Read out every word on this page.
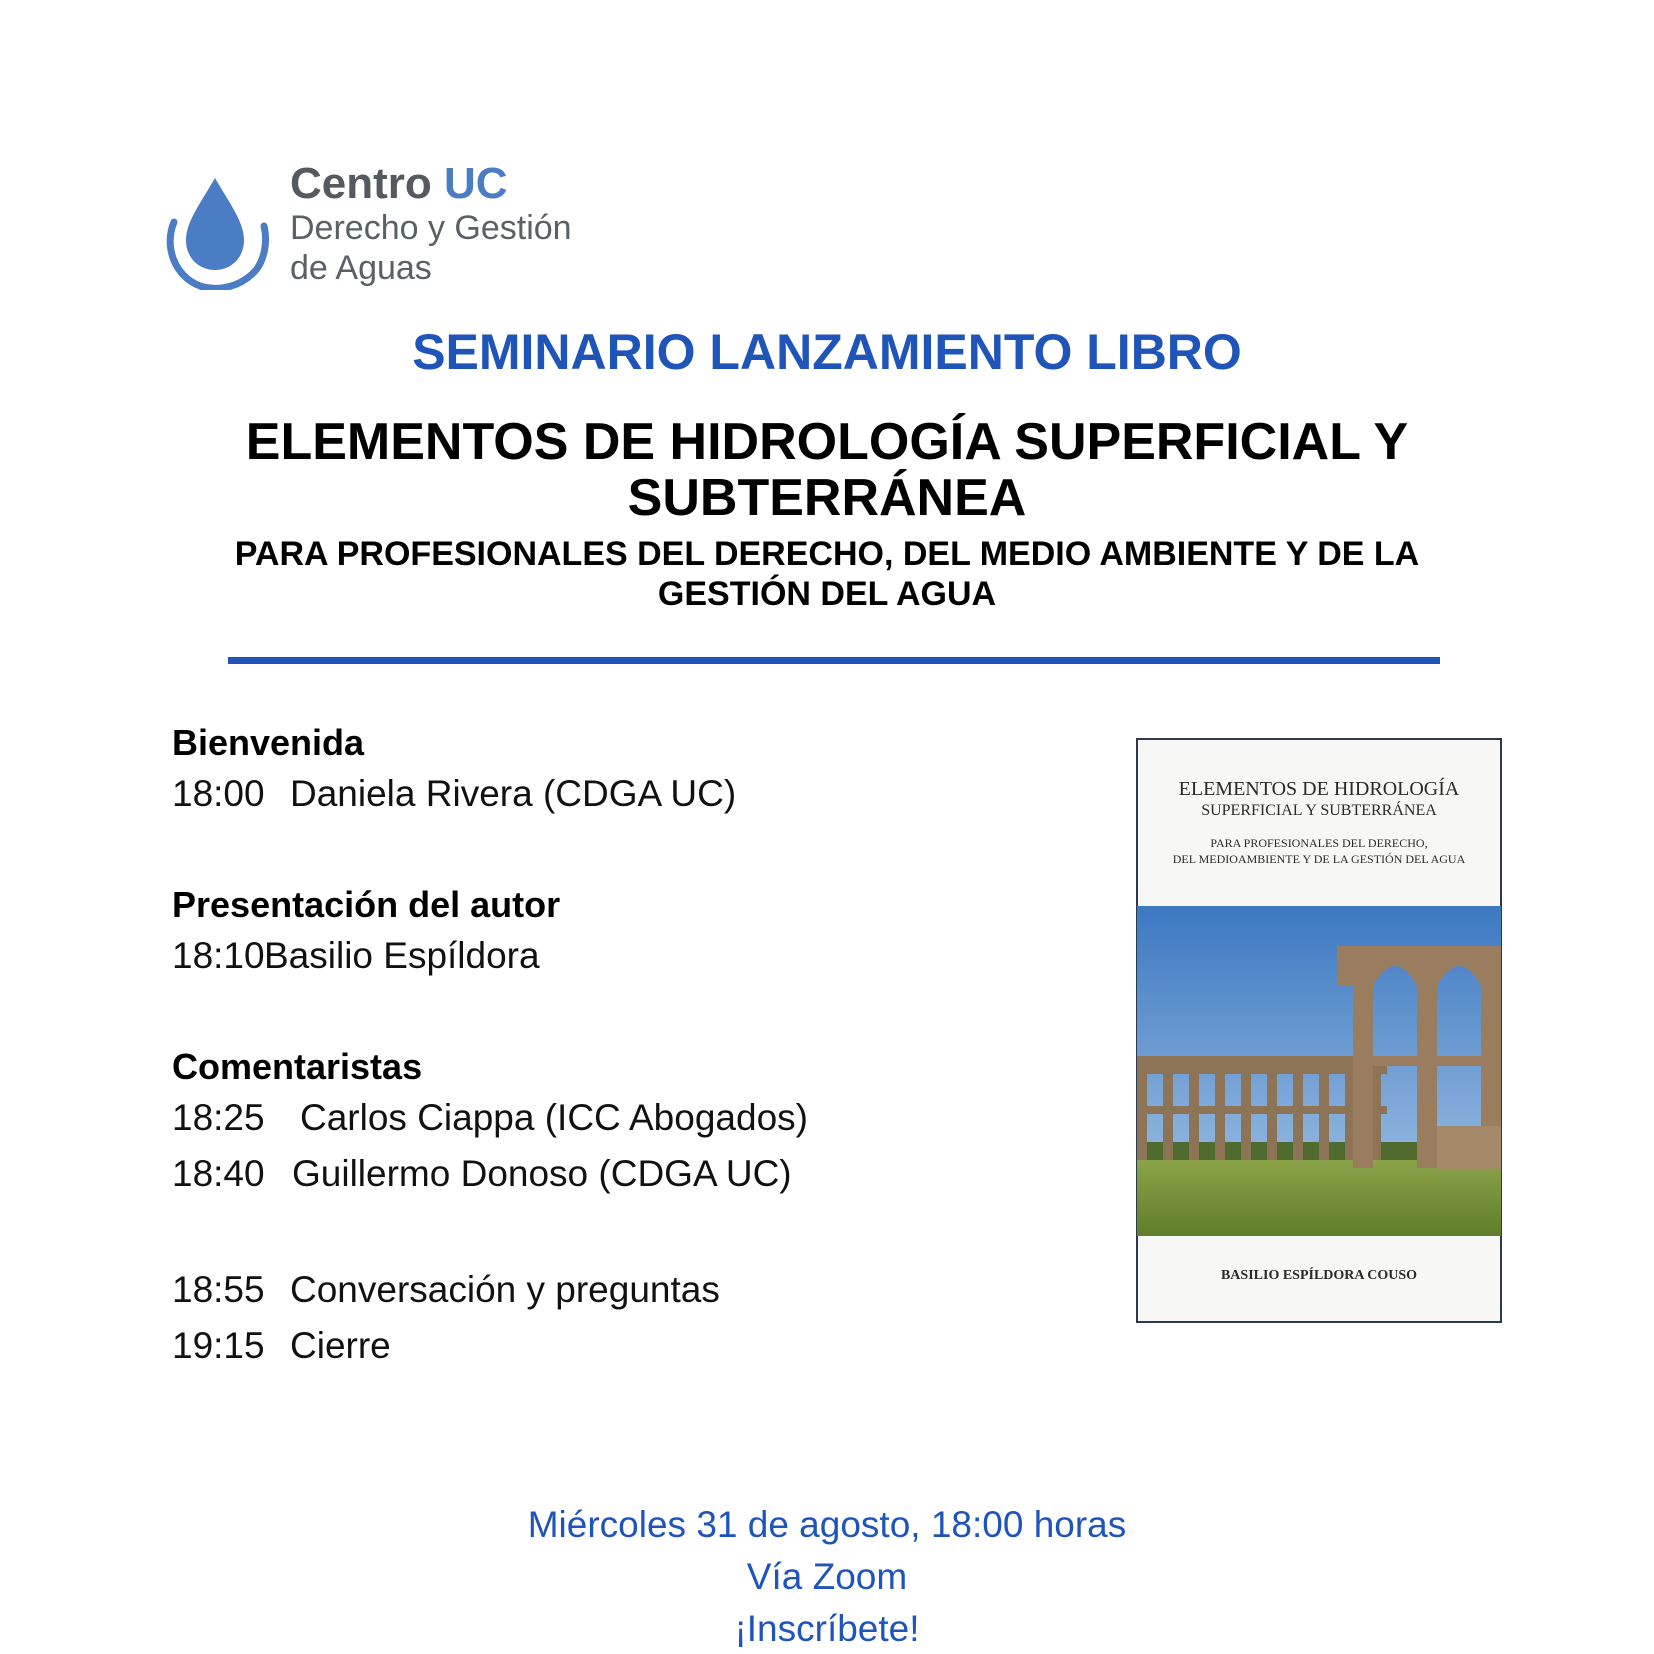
Centro UC
Derecho y Gestión
de Aguas
SEMINARIO LANZAMIENTO LIBRO
ELEMENTOS DE HIDROLOGÍA SUPERFICIAL Y
SUBTERRÁNEA
PARA PROFESIONALES DEL DERECHO, DEL MEDIO AMBIENTE Y DE LA
GESTIÓN DEL AGUA
Bienvenida
18:00 Daniela Rivera (CDGA UC)
Presentación del autor
18:10Basilio Espíldora
Comentaristas
18:25 Carlos Ciappa (ICC Abogados)
18:40 Guillermo Donoso (CDGA UC)
18:55 Conversación y preguntas
19:15 Cierre
ELEMENTOS DE HIDROLOGÍA
SUPERFICIAL Y SUBTERRÁNEA
PARA PROFESIONALES DEL DERECHO,
DEL MEDIOAMBIENTE Y DE LA GESTIÓN DEL AGUA
BASILIO ESPÍLDORA COUSO
Miércoles 31 de agosto, 18:00 horas
Vía Zoom
¡Inscríbete!
